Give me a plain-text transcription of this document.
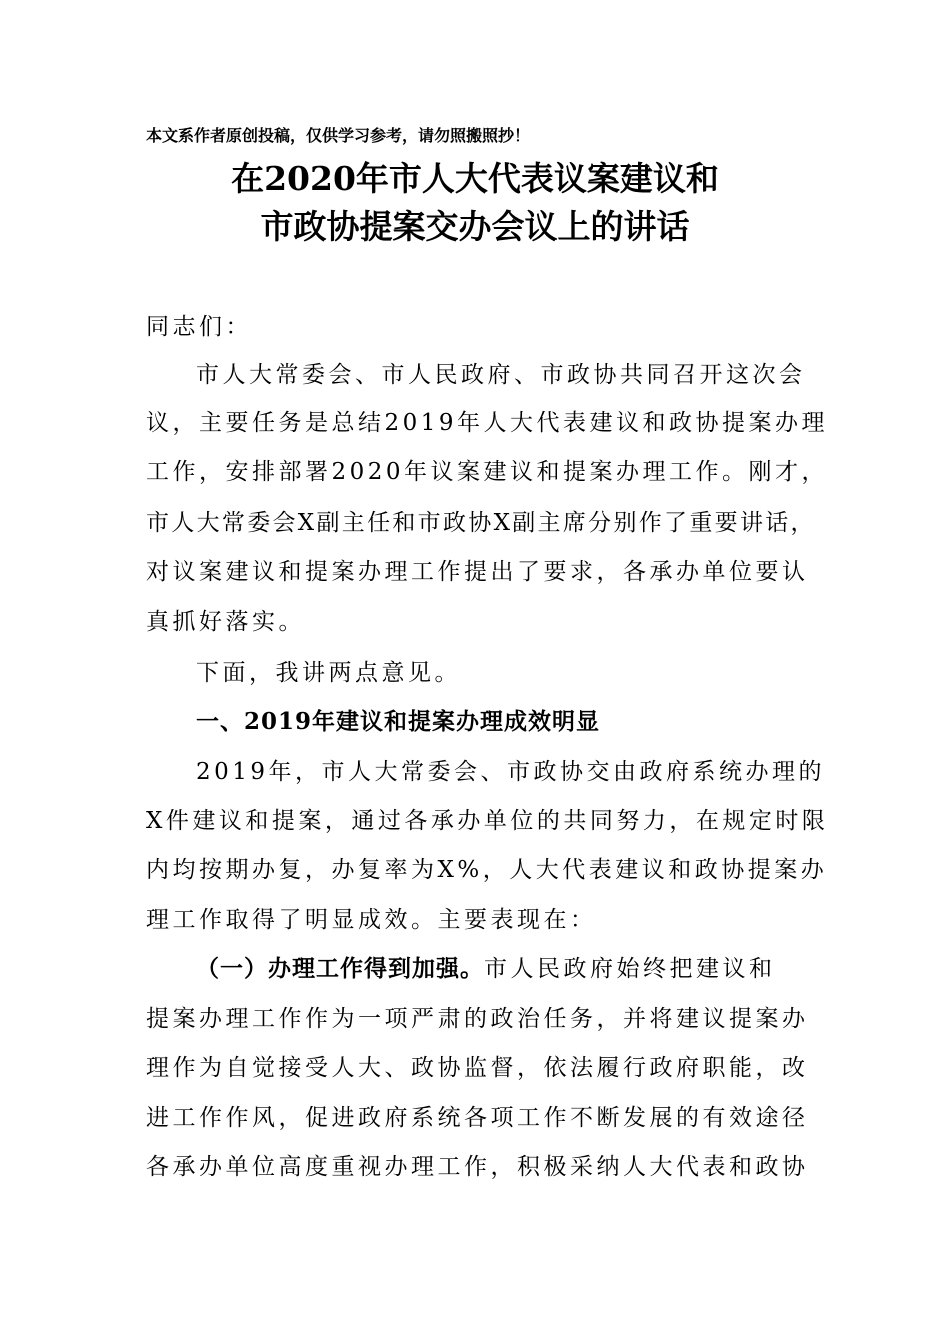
本文系作者原创投稿，仅供学习参考，请勿照搬照抄！
在2020年市人大代表议案建议和
市政协提案交办会议上的讲话
同志们：
市人大常委会、市人民政府、市政协共同召开这次会
议，主要任务是总结2019年人大代表建议和政协提案办理
工作，安排部署2020年议案建议和提案办理工作。刚才，
市人大常委会X副主任和市政协X副主席分别作了重要讲话，
对议案建议和提案办理工作提出了要求，各承办单位要认
真抓好落实。
下面，我讲两点意见。
一、2019年建议和提案办理成效明显
2019年，市人大常委会、市政协交由政府系统办理的
X件建议和提案，通过各承办单位的共同努力，在规定时限
内均按期办复，办复率为X%，人大代表建议和政协提案办
理工作取得了明显成效。主要表现在：
（一）办理工作得到加强。市人民政府始终把建议和
提案办理工作作为一项严肃的政治任务，并将建议提案办
理作为自觉接受人大、政协监督，依法履行政府职能，改
进工作作风，促进政府系统各项工作不断发展的有效途径
各承办单位高度重视办理工作，积极采纳人大代表和政协
